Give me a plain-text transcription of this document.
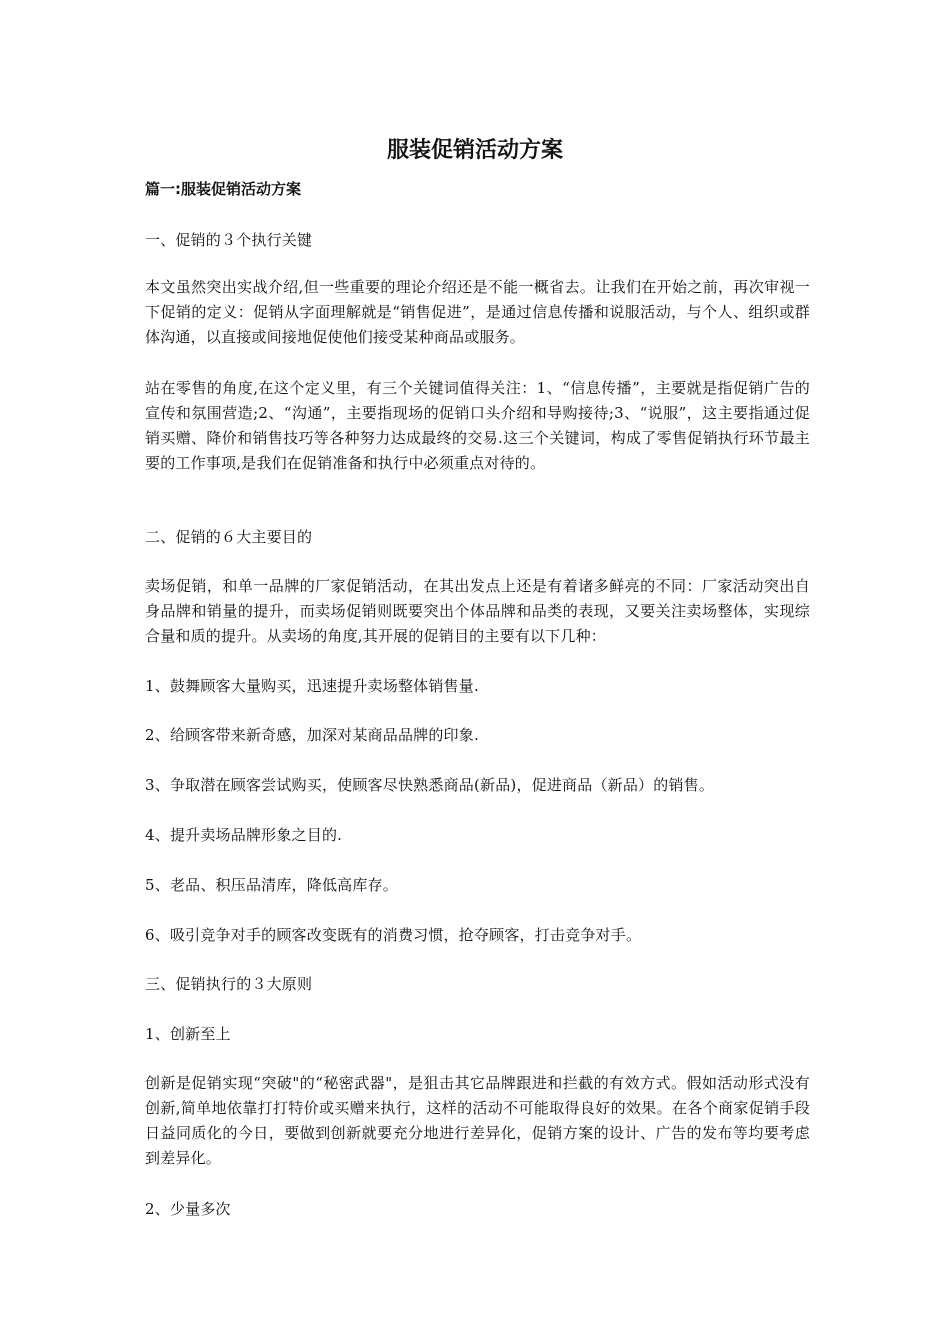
服装促销活动方案

篇一:服装促销活动方案

一、促销的３个执行关键

本文虽然突出实战介绍,但一些重要的理论介绍还是不能一概省去。让我们在开始之前，再次审视一下促销的定义：促销从字面理解就是“销售促进”，是通过信息传播和说服活动，与个人、组织或群体沟通，以直接或间接地促使他们接受某种商品或服务。

站在零售的角度,在这个定义里，有三个关键词值得关注：1、“信息传播”，主要就是指促销广告的宣传和氛围营造;2、“沟通”，主要指现场的促销口头介绍和导购接待;3、“说服”，这主要指通过促销买赠、降价和销售技巧等各种努力达成最终的交易.这三个关键词，构成了零售促销执行环节最主要的工作事项,是我们在促销准备和执行中必须重点对待的。

二、促销的６大主要目的

卖场促销，和单一品牌的厂家促销活动，在其出发点上还是有着诸多鲜亮的不同：厂家活动突出自身品牌和销量的提升，而卖场促销则既要突出个体品牌和品类的表现，又要关注卖场整体，实现综合量和质的提升。从卖场的角度,其开展的促销目的主要有以下几种：

1、鼓舞顾客大量购买，迅速提升卖场整体销售量.

2、给顾客带来新奇感，加深对某商品品牌的印象.

3、争取潜在顾客尝试购买，使顾客尽快熟悉商品(新品)，促进商品（新品）的销售。

4、提升卖场品牌形象之目的.

5、老品、积压品清库，降低高库存。

6、吸引竞争对手的顾客改变既有的消费习惯，抢夺顾客，打击竞争对手。

三、促销执行的３大原则

1、创新至上

创新是促销实现“突破"的“秘密武器"，是狙击其它品牌跟进和拦截的有效方式。假如活动形式没有创新,简单地依靠打打特价或买赠来执行，这样的活动不可能取得良好的效果。在各个商家促销手段日益同质化的今日，要做到创新就要充分地进行差异化，促销方案的设计、广告的发布等均要考虑到差异化。

2、少量多次
